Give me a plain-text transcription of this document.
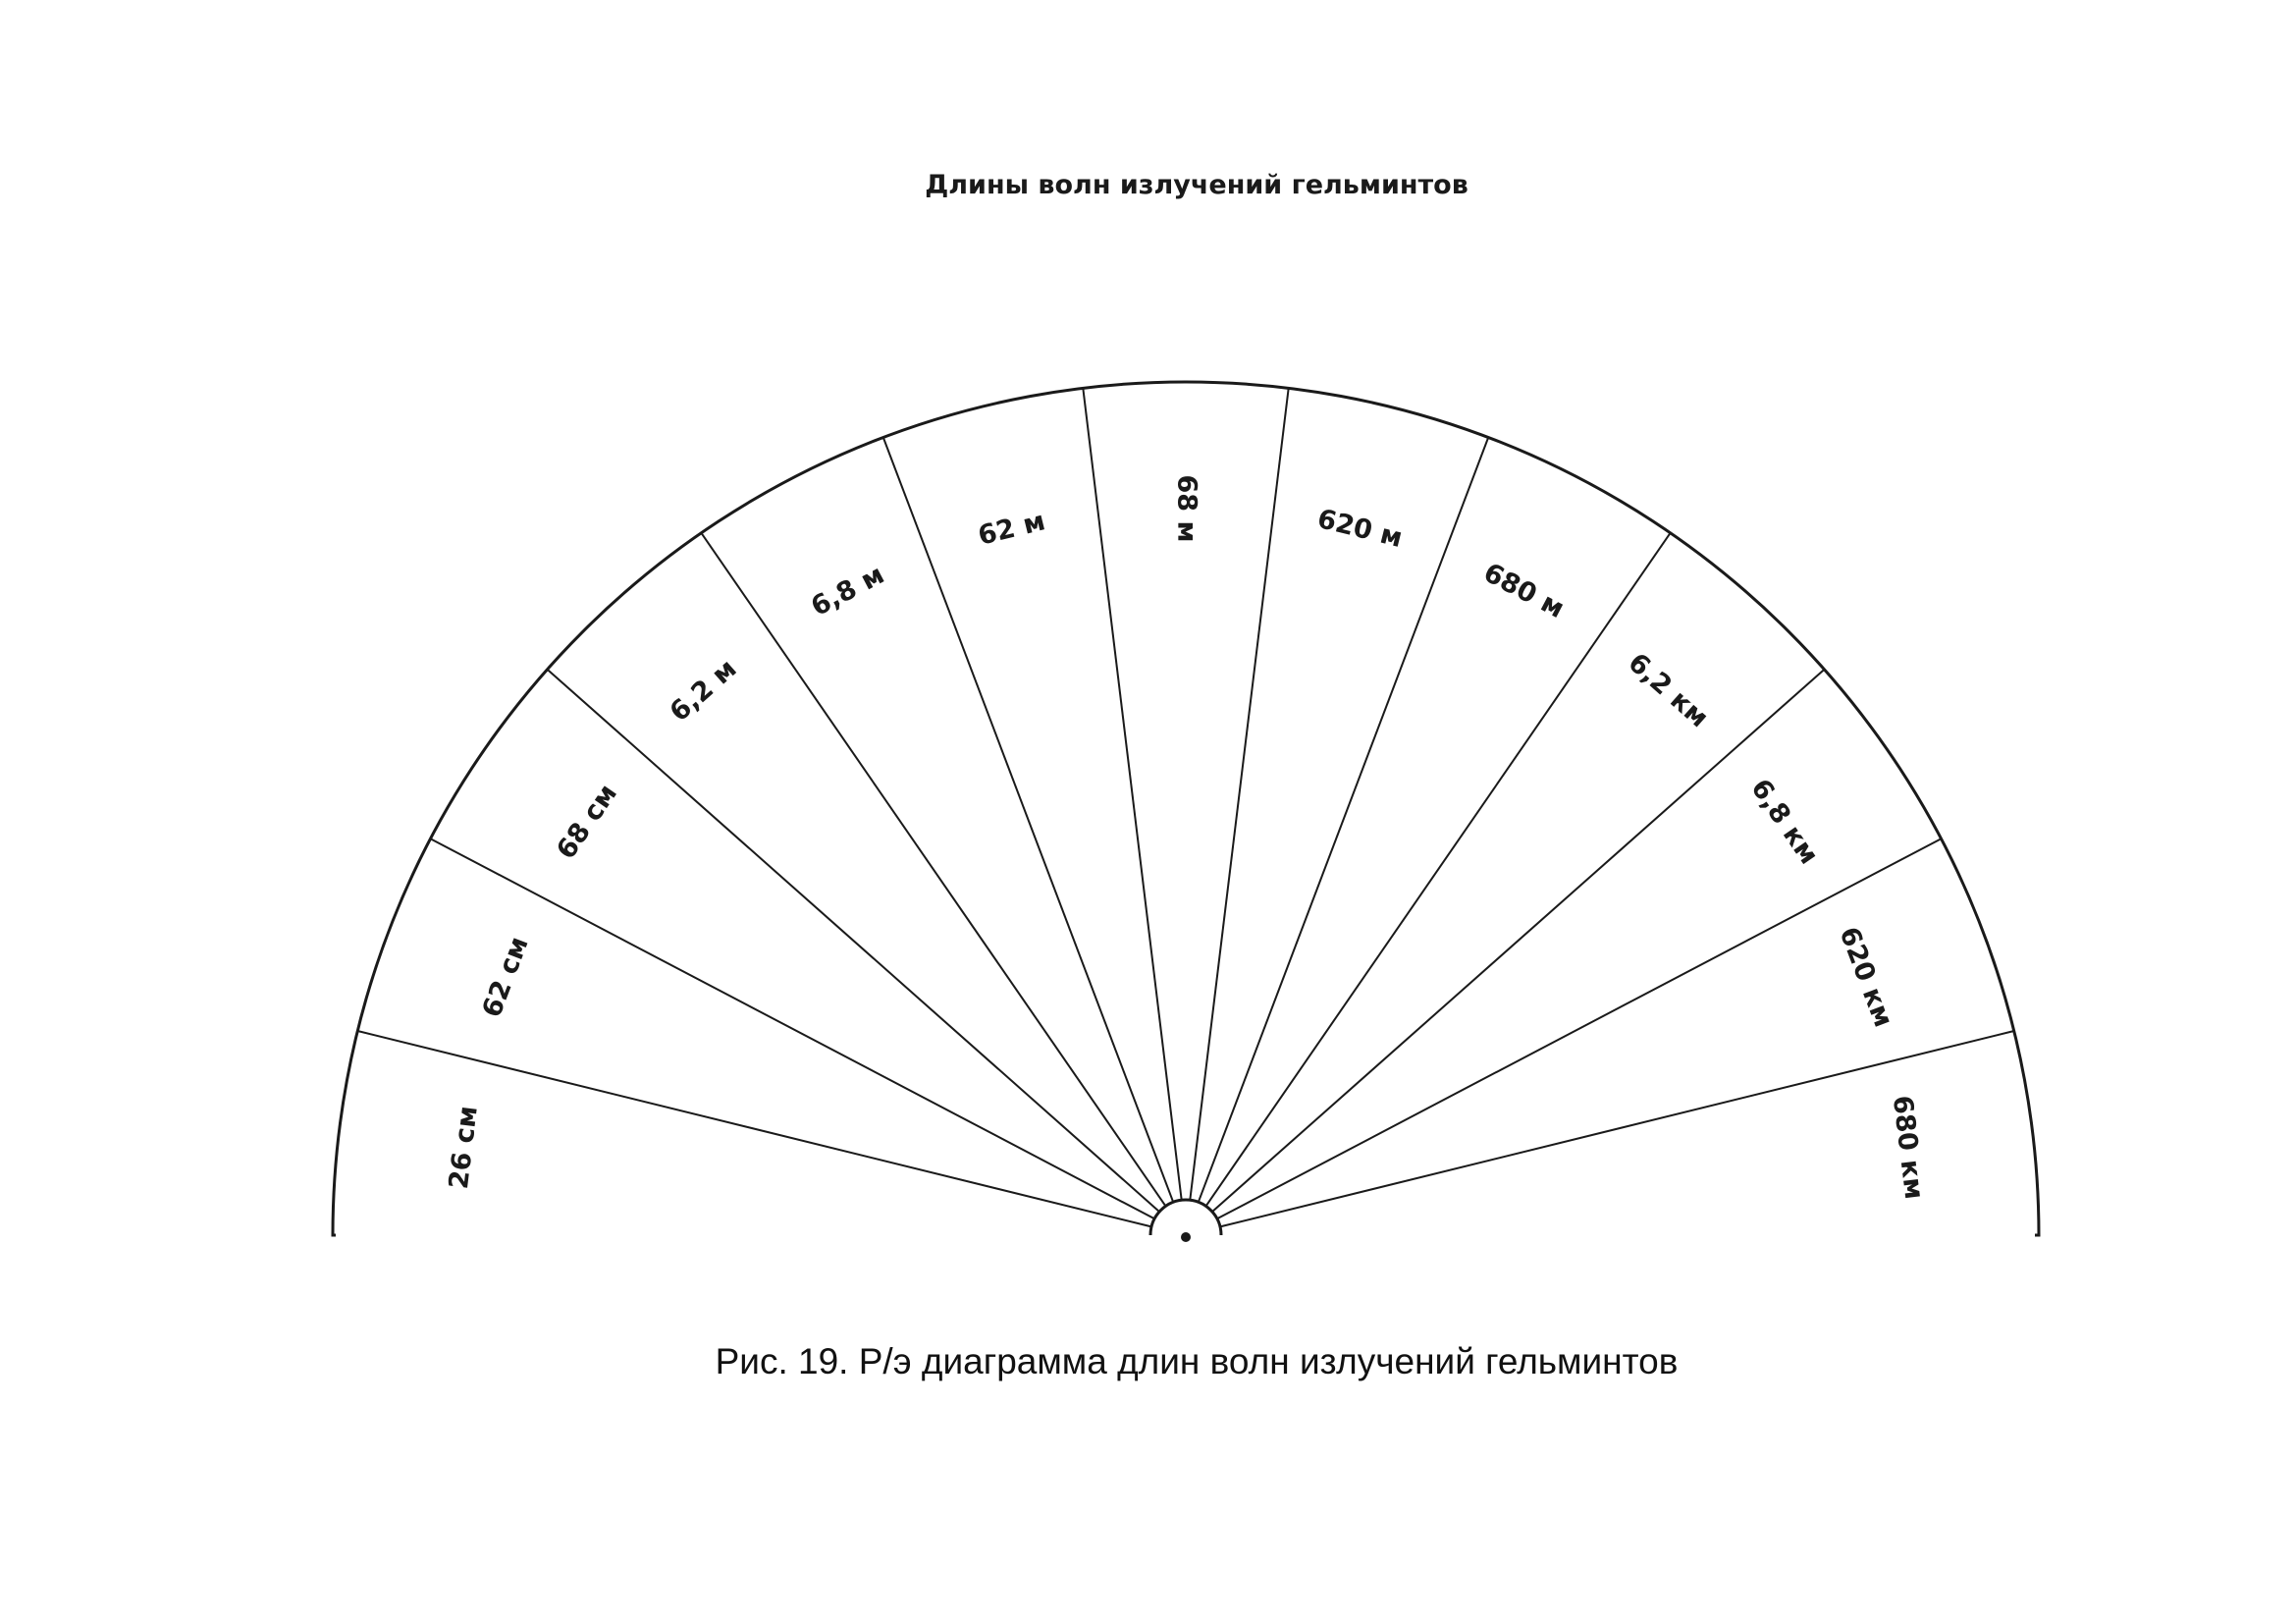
Длины волн излучений гельминтов
26 см
62 см
68 см
6,2 м
6,8 м
62 м	68 м	620 м
680 м
6,2 км
6,8 км
620 км
680 км
Рис. 19. Р/э диаграмма длин волн излучений гельминтов
